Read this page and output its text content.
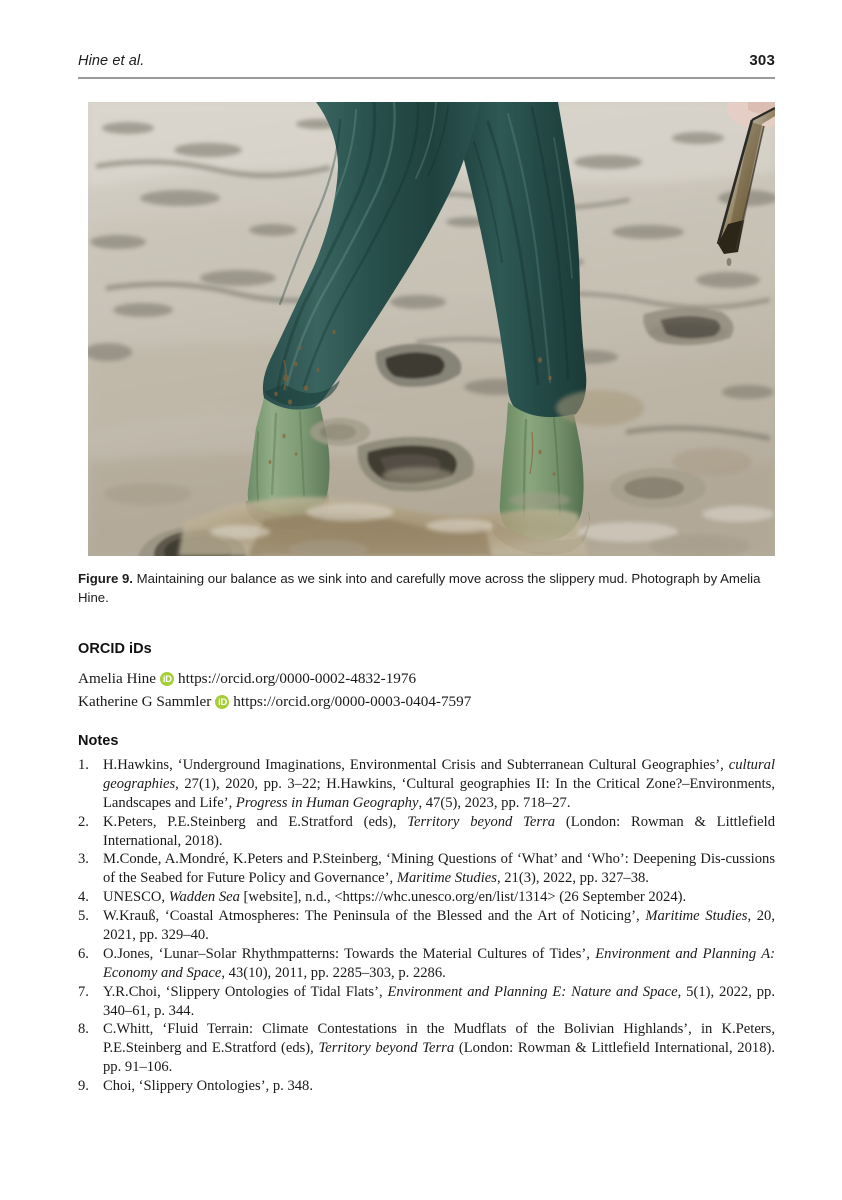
Hine et al.	303
Figure 9. Maintaining our balance as we sink into and carefully move across the slippery mud. Photograph by Amelia Hine.
ORCID iDs
Amelia Hine iD https://orcid.org/0000-0002-4832-1976
Katherine G Sammler iD https://orcid.org/0000-0003-0404-7597
Notes
1. H.Hawkins, ‘Underground Imaginations, Environmental Crisis and Subterranean Cultural Geographies’, cultural geographies, 27(1), 2020, pp. 3–22; H.Hawkins, ‘Cultural geographies II: In the Critical Zone?–Environments, Landscapes and Life’, Progress in Human Geography, 47(5), 2023, pp. 718–27.
2. K.Peters, P.E.Steinberg and E.Stratford (eds), Territory beyond Terra (London: Rowman & Littlefield International, 2018).
3. M.Conde, A.Mondré, K.Peters and P.Steinberg, ‘Mining Questions of ‘What’ and ‘Who’: Deepening Dis-cussions of the Seabed for Future Policy and Governance’, Maritime Studies, 21(3), 2022, pp. 327–38.
4. UNESCO, Wadden Sea [website], n.d., <https://whc.unesco.org/en/list/1314> (26 September 2024).
5. W.Krauß, ‘Coastal Atmospheres: The Peninsula of the Blessed and the Art of Noticing’, Maritime Studies, 20, 2021, pp. 329–40.
6. O.Jones, ‘Lunar–Solar Rhythmpatterns: Towards the Material Cultures of Tides’, Environment and Planning A: Economy and Space, 43(10), 2011, pp. 2285–303, p. 2286.
7. Y.R.Choi, ‘Slippery Ontologies of Tidal Flats’, Environment and Planning E: Nature and Space, 5(1), 2022, pp. 340–61, p. 344.
8. C.Whitt, ‘Fluid Terrain: Climate Contestations in the Mudflats of the Bolivian Highlands’, in K.Peters, P.E.Steinberg and E.Stratford (eds), Territory beyond Terra (London: Rowman & Littlefield International, 2018). pp. 91–106.
9. Choi, ‘Slippery Ontologies’, p. 348.
